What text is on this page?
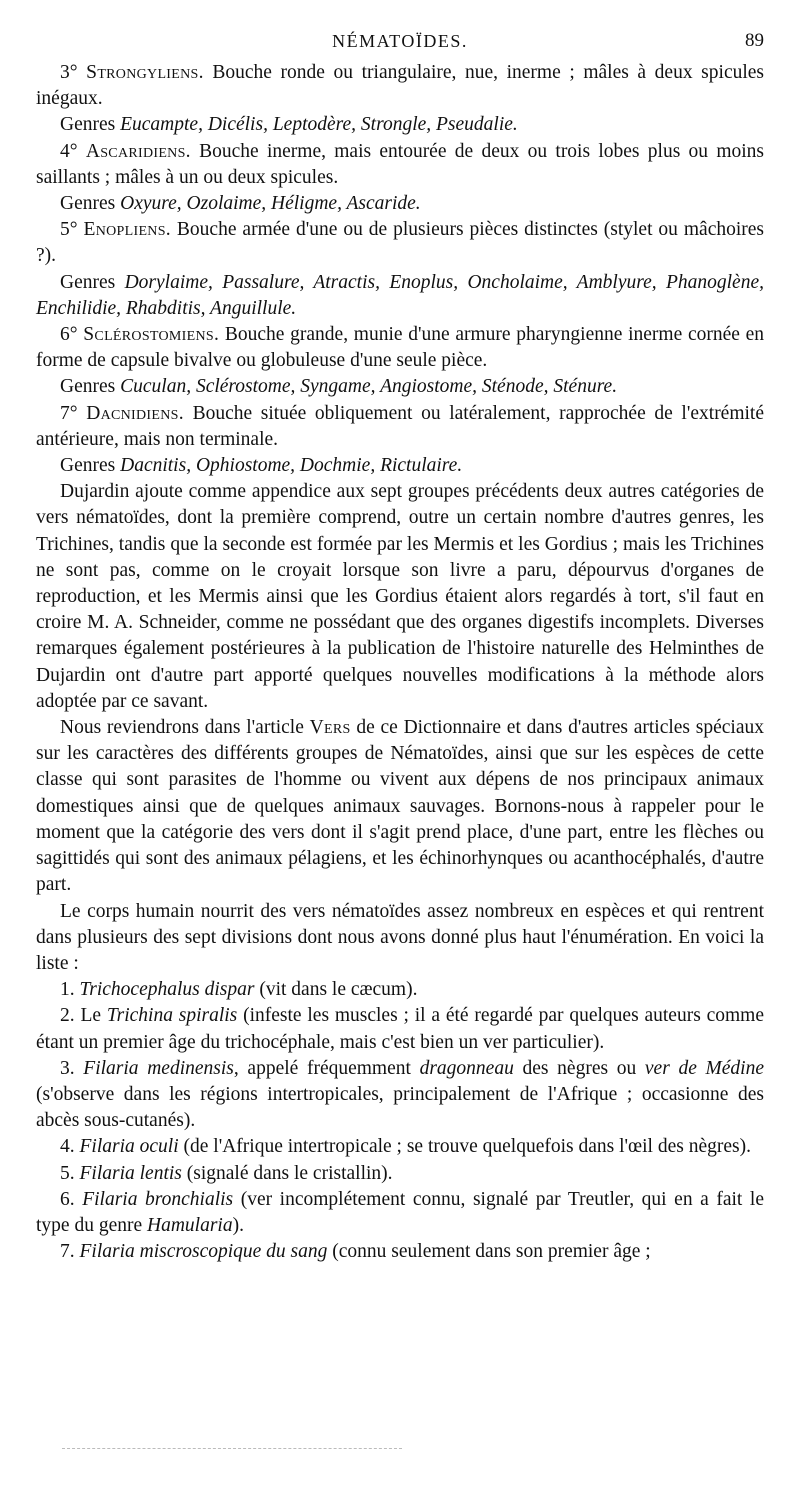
NÉMATOÏDES.	89

3° Strongyliens. Bouche ronde ou triangulaire, nue, inerme ; mâles à deux spicules inégaux.

Genres Eucampte, Dicélis, Leptodère, Strongle, Pseudalie.

4° Ascaridiens. Bouche inerme, mais entourée de deux ou trois lobes plus ou moins saillants ; mâles à un ou deux spicules.

Genres Oxyure, Ozolaime, Héligme, Ascaride.

5° Enopliens. Bouche armée d'une ou de plusieurs pièces distinctes (stylet ou mâchoires ?).

Genres Dorylaime, Passalure, Atractis, Enoplus, Oncholaime, Amblyure, Phanoglène, Enchilidie, Rhabditis, Anguillule.

6° Sclérostomiens. Bouche grande, munie d'une armure pharyngienne inerme cornée en forme de capsule bivalve ou globuleuse d'une seule pièce.

Genres Cuculan, Sclérostome, Syngame, Angiostome, Sténode, Sténure.

7° Dacnidiens. Bouche située obliquement ou latéralement, rapprochée de l'extrémité antérieure, mais non terminale.

Genres Dacnitis, Ophiostome, Dochmie, Rictulaire.

Dujardin ajoute comme appendice aux sept groupes précédents deux autres catégories de vers nématoïdes, dont la première comprend, outre un certain nombre d'autres genres, les Trichines, tandis que la seconde est formée par les Mermis et les Gordius ; mais les Trichines ne sont pas, comme on le croyait lorsque son livre a paru, dépourvus d'organes de reproduction, et les Mermis ainsi que les Gordius étaient alors regardés à tort, s'il faut en croire M. A. Schneider, comme ne possédant que des organes digestifs incomplets. Diverses remarques également postérieures à la publication de l'histoire naturelle des Helminthes de Dujardin ont d'autre part apporté quelques nouvelles modifications à la méthode alors adoptée par ce savant.

Nous reviendrons dans l'article Vers de ce Dictionnaire et dans d'autres articles spéciaux sur les caractères des différents groupes de Nématoïdes, ainsi que sur les espèces de cette classe qui sont parasites de l'homme ou vivent aux dépens de nos principaux animaux domestiques ainsi que de quelques animaux sauvages. Bornons-nous à rappeler pour le moment que la catégorie des vers dont il s'agit prend place, d'une part, entre les flèches ou sagittidés qui sont des animaux pélagiens, et les échinorhynques ou acanthocéphalés, d'autre part.

Le corps humain nourrit des vers nématoïdes assez nombreux en espèces et qui rentrent dans plusieurs des sept divisions dont nous avons donné plus haut l'énumération. En voici la liste :

1. Trichocephalus dispar (vit dans le cæcum).

2. Le Trichina spiralis (infeste les muscles ; il a été regardé par quelques auteurs comme étant un premier âge du trichocéphale, mais c'est bien un ver particulier).

3. Filaria medinensis, appelé fréquemment dragonneau des nègres ou ver de Médine (s'observe dans les régions intertropicales, principalement de l'Afrique ; occasionne des abcès sous-cutanés).

4. Filaria oculi (de l'Afrique intertropicale ; se trouve quelquefois dans l'œil des nègres).

5. Filaria lentis (signalé dans le cristallin).

6. Filaria bronchialis (ver incomplétement connu, signalé par Treutler, qui en a fait le type du genre Hamularia).

7. Filaria miscroscopique du sang (connu seulement dans son premier âge ;
